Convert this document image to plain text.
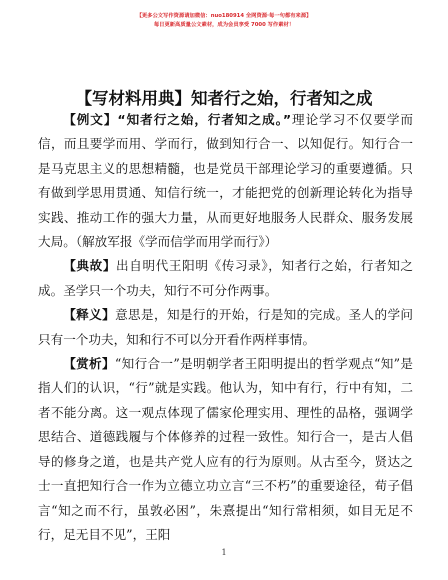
【更多公文写作资源请加微信：nuo180914 全网资源·每一句都有来源】
每日更新高质量公文素材，成为会员享受 7000 写作素材！
【写材料用典】知者行之始，行者知之成

【例文】“知者行之始，行者知之成。”理论学习不仅要学而信，而且要学而用、学而行，做到知行合一、以知促行。知行合一是马克思主义的思想精髓，也是党员干部理论学习的重要遵循。只有做到学思用贯通、知信行统一，才能把党的创新理论转化为指导实践、推动工作的强大力量，从而更好地服务人民群众、服务发展大局。（解放军报《学而信学而用学而行》）

【典故】出自明代王阳明《传习录》，知者行之始，行者知之成。圣学只一个功夫，知行不可分作两事。

【释义】意思是，知是行的开始，行是知的完成。圣人的学问只有一个功夫，知和行不可以分开看作两样事情。

【赏析】“知行合一”是明朝学者王阳明提出的哲学观点“知”是指人们的认识，“行”就是实践。他认为，知中有行，行中有知，二者不能分离。这一观点体现了儒家伦理实用、理性的品格，强调学思结合、道德践履与个体修养的过程一致性。知行合一，是古人倡导的修身之道，也是共产党人应有的行为原则。从古至今，贤达之士一直把知行合一作为立德立功立言“三不朽”的重要途径，荀子倡言“知之而不行，虽敦必困”，朱熹提出“知行常相须，如目无足不行，足无目不见”，王阳

1
